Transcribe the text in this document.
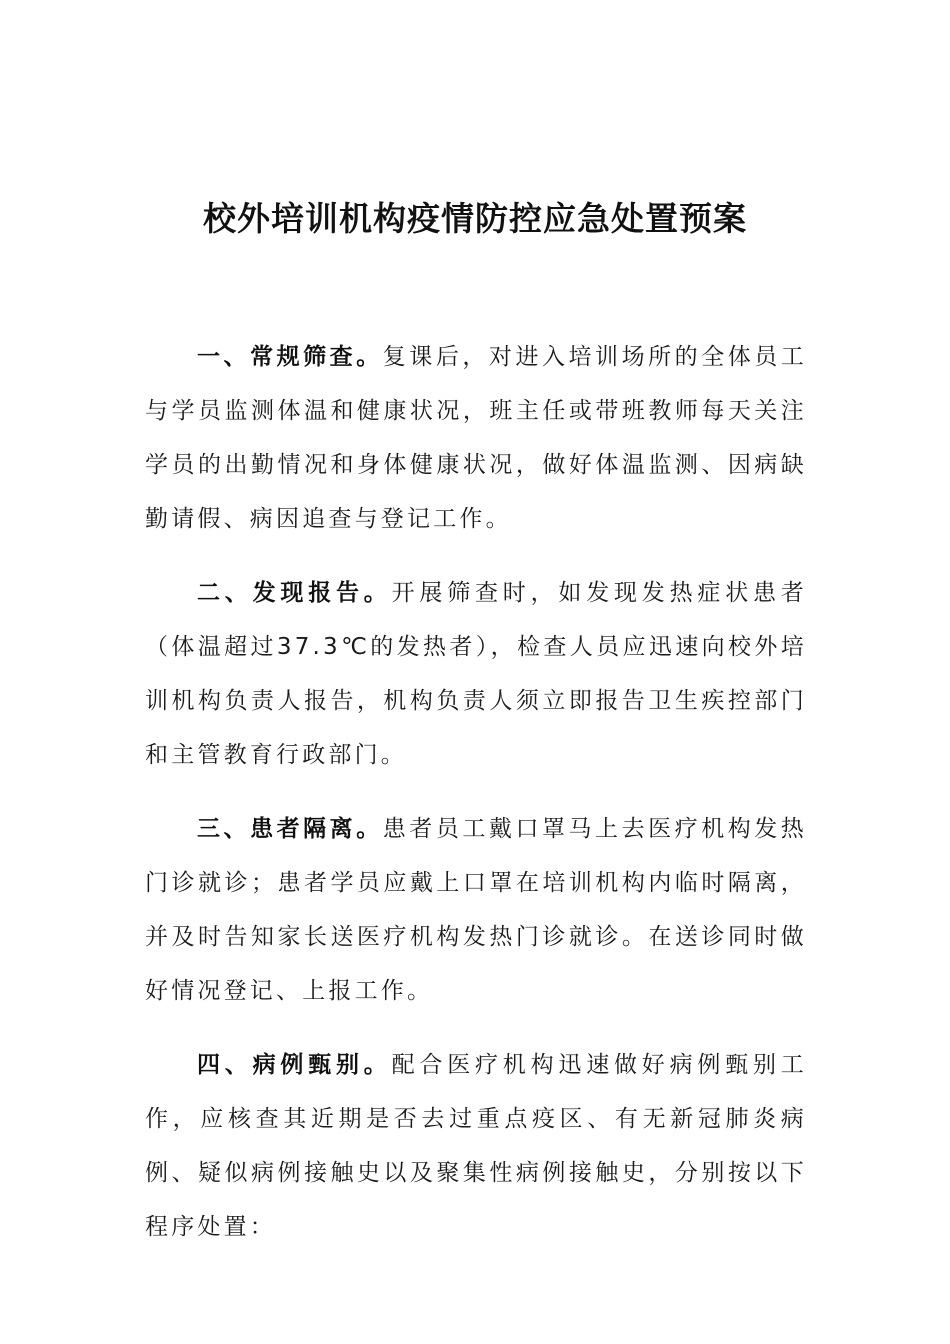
校外培训机构疫情防控应急处置预案

一、常规筛查。复课后，对进入培训场所的全体员工与学员监测体温和健康状况，班主任或带班教师每天关注学员的出勤情况和身体健康状况，做好体温监测、因病缺勤请假、病因追查与登记工作。

二、发现报告。开展筛查时，如发现发热症状患者（体温超过37.3℃的发热者），检查人员应迅速向校外培训机构负责人报告，机构负责人须立即报告卫生疾控部门和主管教育行政部门。

三、患者隔离。患者员工戴口罩马上去医疗机构发热门诊就诊；患者学员应戴上口罩在培训机构内临时隔离，并及时告知家长送医疗机构发热门诊就诊。在送诊同时做好情况登记、上报工作。

四、病例甄别。配合医疗机构迅速做好病例甄别工作，应核查其近期是否去过重点疫区、有无新冠肺炎病例、疑似病例接触史以及聚集性病例接触史，分别按以下程序处置：
